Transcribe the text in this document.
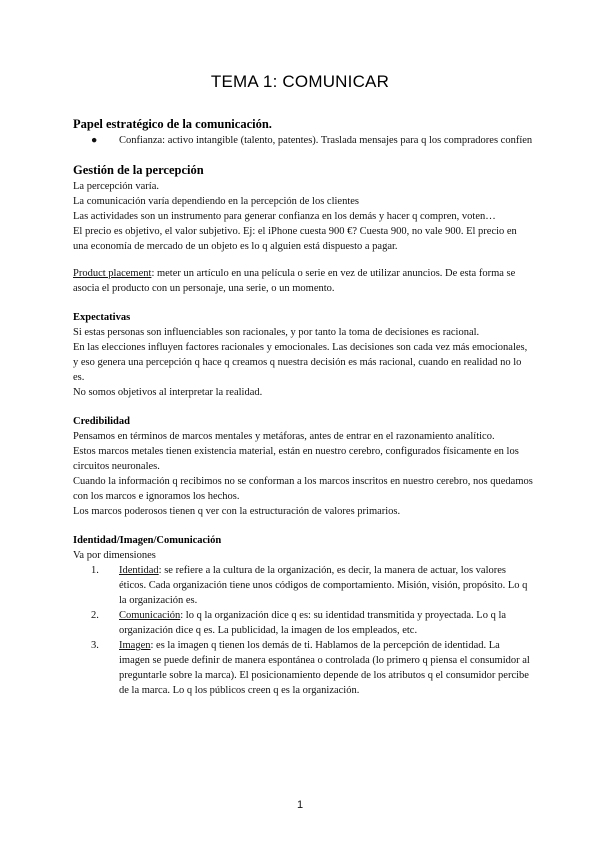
TEMA 1: COMUNICAR
Papel estratégico de la comunicación.
● Confianza: activo intangible (talento, patentes). Traslada mensajes para q los compradores confíen
Gestión de la percepción

La percepción varía.

La comunicación varía dependiendo en la percepción de los clientes

Las actividades son un instrumento para generar confianza en los demás y hacer q compren, voten…

El precio es objetivo, el valor subjetivo. Ej: el iPhone cuesta 900 €? Cuesta 900, no vale 900. El precio en una economía de mercado de un objeto es lo q alguien está dispuesto a pagar.

Product placement: meter un artículo en una película o serie en vez de utilizar anuncios. De esta forma se asocia el producto con un personaje, una serie, o un momento.

Expectativas

Si estas personas son influenciables son racionales, y por tanto la toma de decisiones es racional.

En las elecciones influyen factores racionales y emocionales. Las decisiones son cada vez más emocionales, y eso genera una percepción q hace q creamos q nuestra decisión es más racional, cuando en realidad no lo es.

No somos objetivos al interpretar la realidad.

Credibilidad

Pensamos en términos de marcos mentales y metáforas, antes de entrar en el razonamiento analítico.

Estos marcos metales tienen existencia material, están en nuestro cerebro, configurados físicamente en los circuitos neuronales.

Cuando la información q recibimos no se conforman a los marcos inscritos en nuestro cerebro, nos quedamos con los marcos e ignoramos los hechos.

Los marcos poderosos tienen q ver con la estructuración de valores primarios.

Identidad/Imagen/Comunicación

Va por dimensiones

1. Identidad: se refiere a la cultura de la organización, es decir, la manera de actuar, los valores éticos. Cada organización tiene unos códigos de comportamiento. Misión, visión, propósito. Lo q la organización es.
2. Comunicación: lo q la organización dice q es: su identidad transmitida y proyectada. Lo q la organización dice q es. La publicidad, la imagen de los empleados, etc.
3. Imagen: es la imagen q tienen los demás de ti. Hablamos de la percepción de identidad. La imagen se puede definir de manera espontánea o controlada (lo primero q piensa el consumidor al preguntarle sobre la marca). El posicionamiento depende de los atributos q el consumidor percibe de la marca. Lo q los públicos creen q es la organización.
1
